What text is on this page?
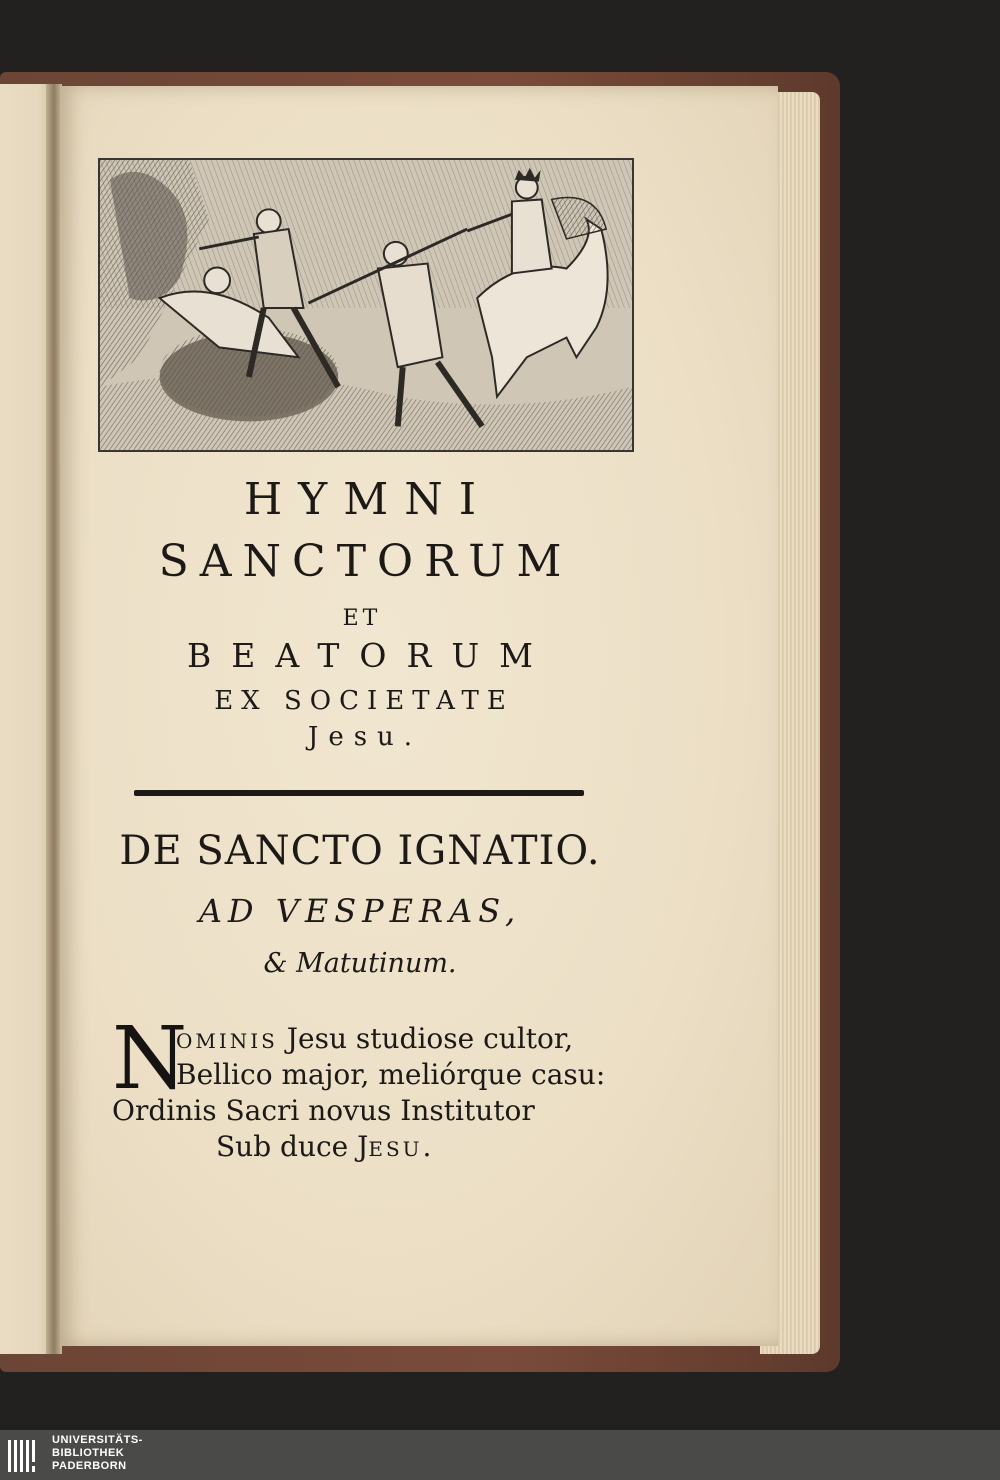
HYMNI
SANCTORUM
ET
BEATORUM
EX SOCIETATE
Jesu.
DE SANCTO IGNATIO.
AD VESPERAS,
& Matutinum.
N
OMINIS Jesu studiose cultor,
Bellico major, meliórque casu:
Ordinis Sacri novus Institutor
Sub duce JESU.
UNIVERSITÄTS-
BIBLIOTHEK
PADERBORN
